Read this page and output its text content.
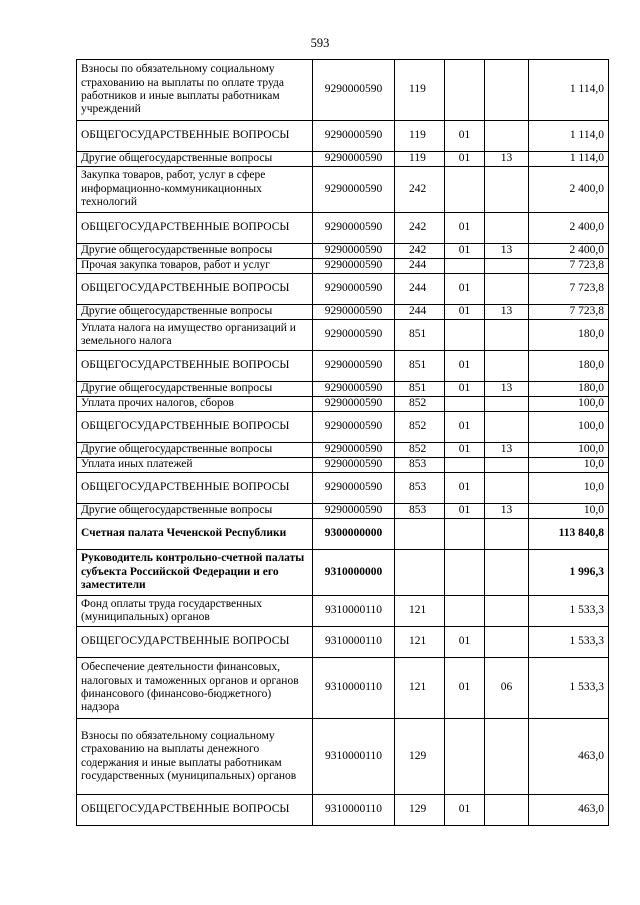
593
Взносы по обязательному социальному страхованию на выплаты по оплате труда работников и иные выплаты работникам учреждений	9290000590	119			1 114,0
ОБЩЕГОСУДАРСТВЕННЫЕ ВОПРОСЫ	9290000590	119	01		1 114,0
Другие общегосударственные вопросы	9290000590	119	01	13	1 114,0
Закупка товаров, работ, услуг в сфере информационно-коммуникационных технологий	9290000590	242			2 400,0
ОБЩЕГОСУДАРСТВЕННЫЕ ВОПРОСЫ	9290000590	242	01		2 400,0
Другие общегосударственные вопросы	9290000590	242	01	13	2 400,0
Прочая закупка товаров, работ и услуг	9290000590	244			7 723,8
ОБЩЕГОСУДАРСТВЕННЫЕ ВОПРОСЫ	9290000590	244	01		7 723,8
Другие общегосударственные вопросы	9290000590	244	01	13	7 723,8
Уплата налога на имущество организаций и земельного налога	9290000590	851			180,0
ОБЩЕГОСУДАРСТВЕННЫЕ ВОПРОСЫ	9290000590	851	01		180,0
Другие общегосударственные вопросы	9290000590	851	01	13	180,0
Уплата прочих налогов, сборов	9290000590	852			100,0
ОБЩЕГОСУДАРСТВЕННЫЕ ВОПРОСЫ	9290000590	852	01		100,0
Другие общегосударственные вопросы	9290000590	852	01	13	100,0
Уплата иных платежей	9290000590	853			10,0
ОБЩЕГОСУДАРСТВЕННЫЕ ВОПРОСЫ	9290000590	853	01		10,0
Другие общегосударственные вопросы	9290000590	853	01	13	10,0
Счетная палата Чеченской Республики	9300000000				113 840,8
Руководитель контрольно-счетной палаты субъекта Российской Федерации и его заместители	9310000000				1 996,3
Фонд оплаты труда государственных (муниципальных) органов	9310000110	121			1 533,3
ОБЩЕГОСУДАРСТВЕННЫЕ ВОПРОСЫ	9310000110	121	01		1 533,3
Обеспечение деятельности финансовых, налоговых и таможенных органов и органов финансового (финансово-бюджетного) надзора	9310000110	121	01	06	1 533,3
Взносы по обязательному социальному страхованию на выплаты денежного содержания и иные выплаты работникам государственных (муниципальных) органов	9310000110	129			463,0
ОБЩЕГОСУДАРСТВЕННЫЕ ВОПРОСЫ	9310000110	129	01		463,0
